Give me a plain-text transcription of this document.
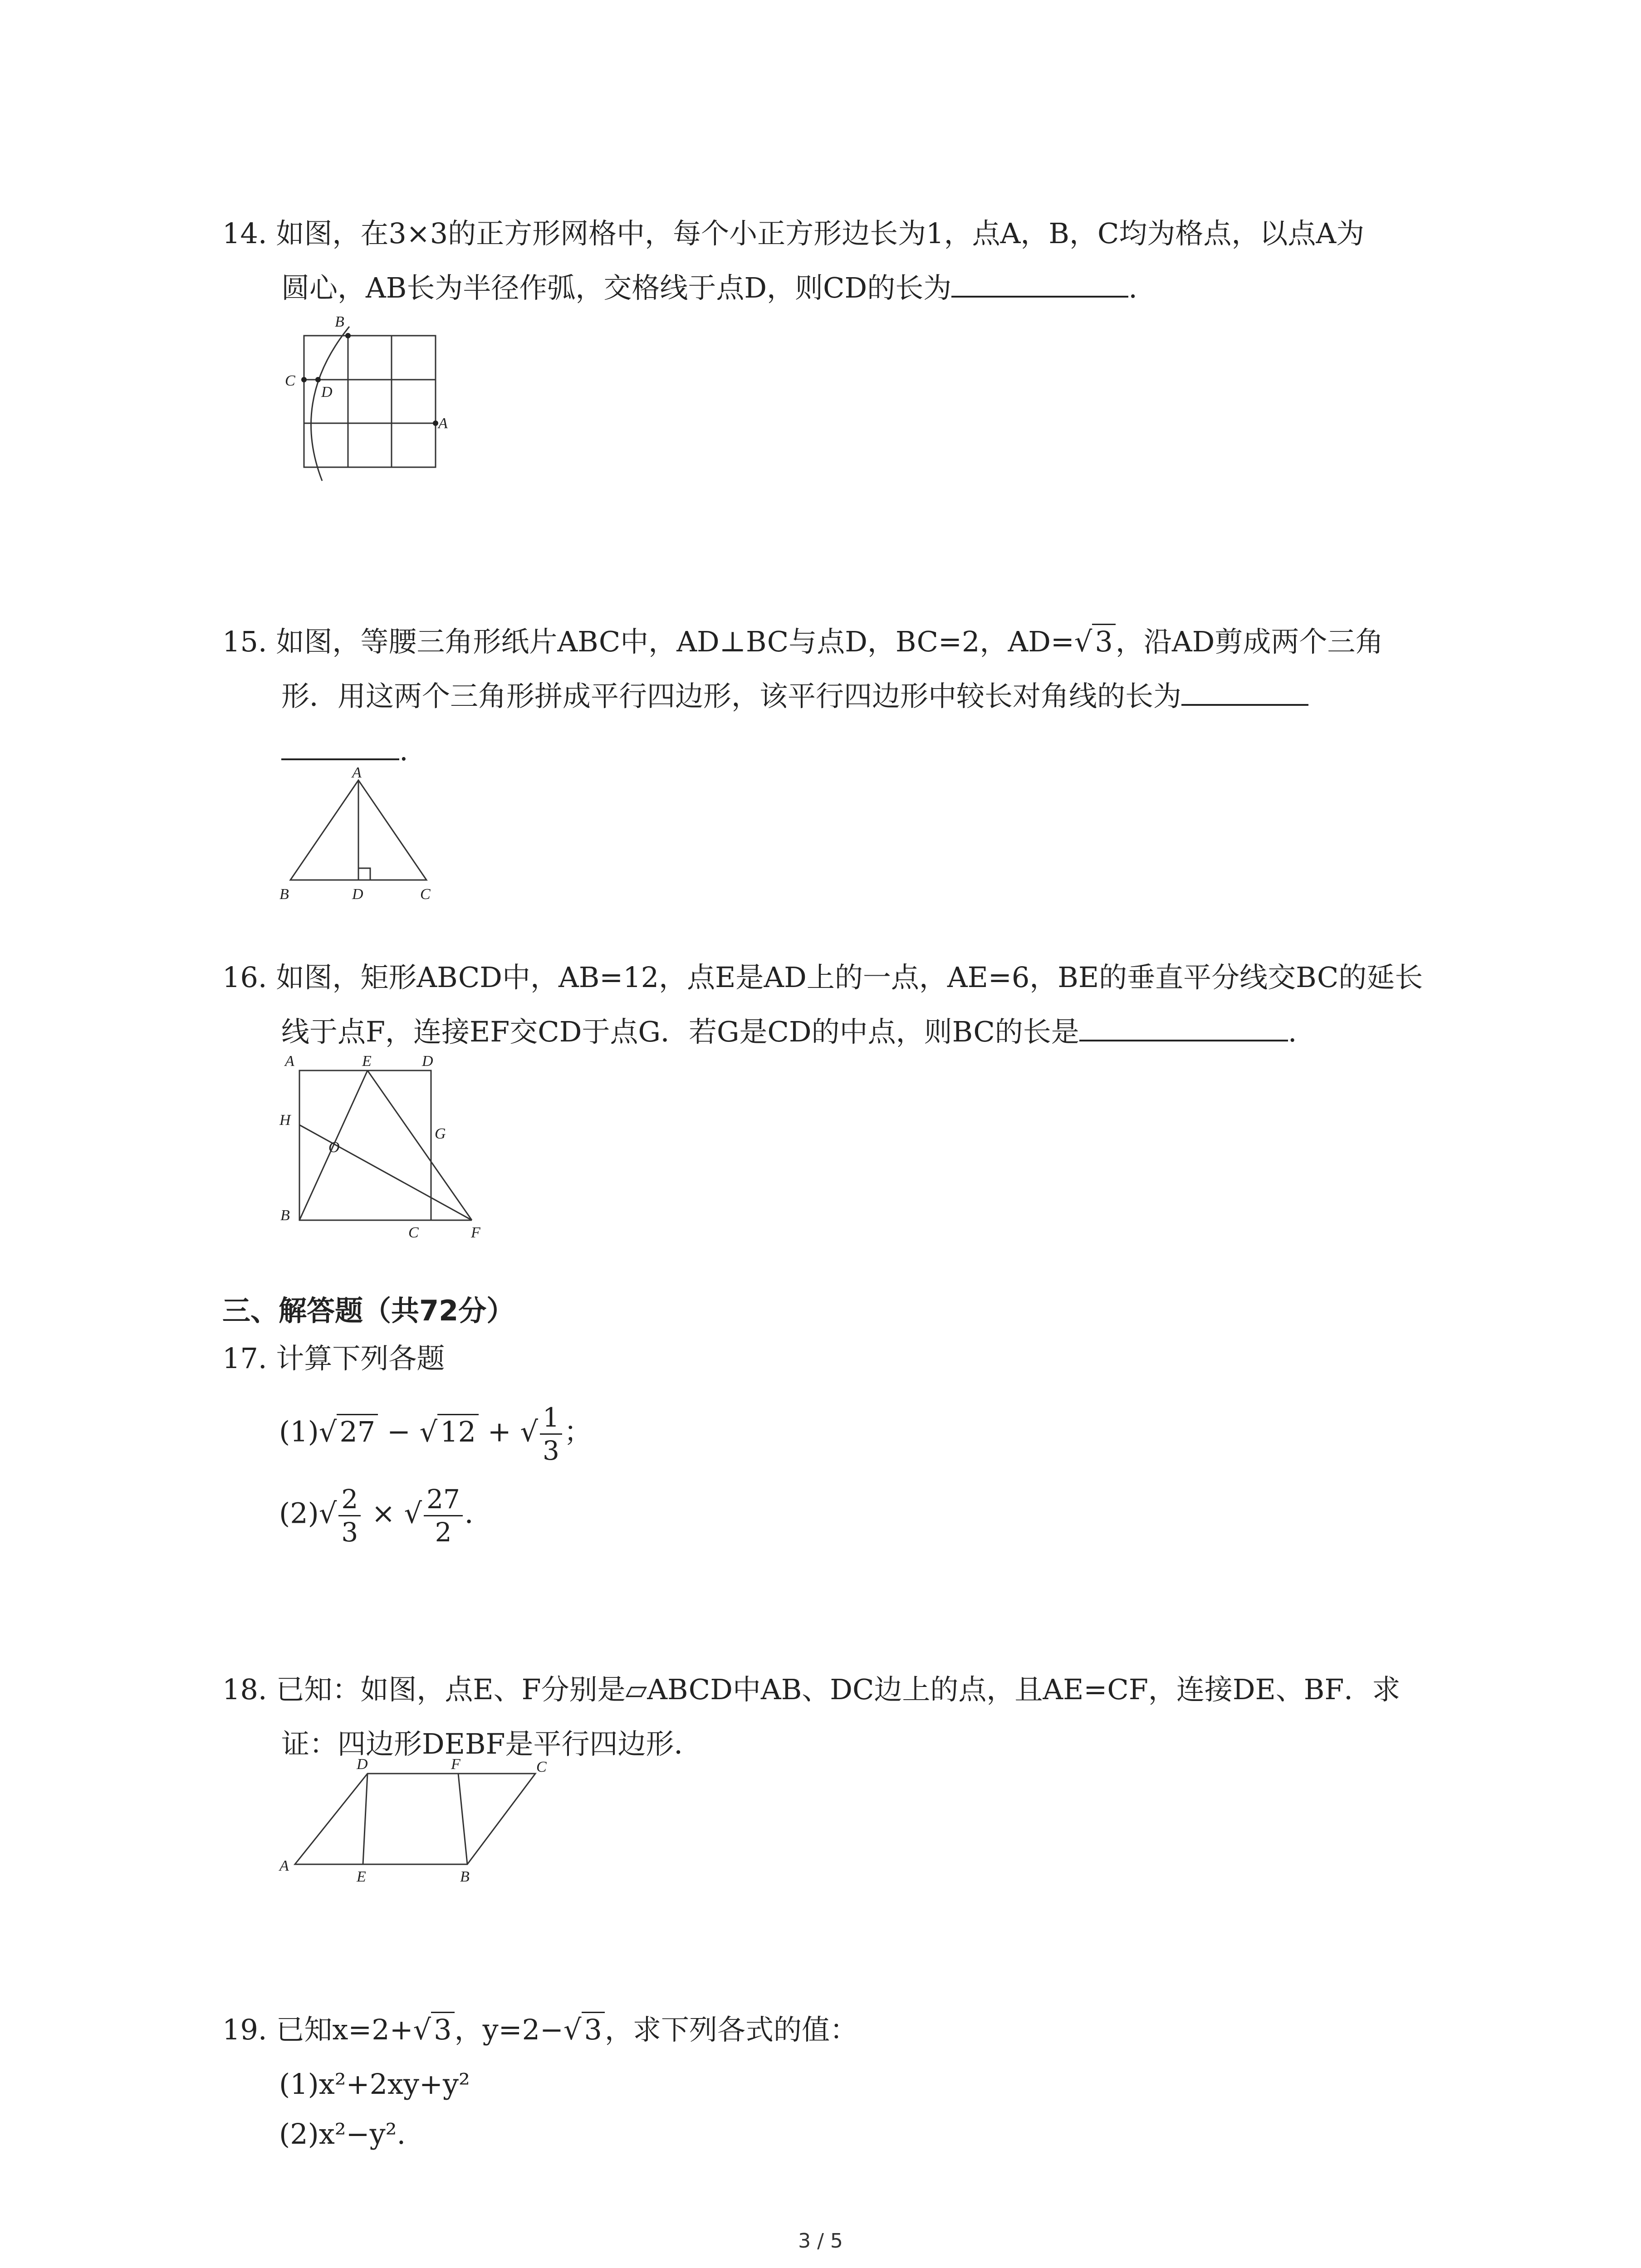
14. 如图，在3×3的正方形网格中，每个小正方形边长为1，点A，B，C均为格点，以点A为
圆心，AB长为半径作弧，交格线于点D，则CD的长为	.
B
C
D
A
15. 如图，等腰三角形纸片ABC中，AD⊥BC与点D，BC=2，AD=√3，沿AD剪成两个三角
形．用这两个三角形拼成平行四边形，该平行四边形中较长对角线的长为
.
A
B	D	C
16. 如图，矩形ABCD中，AB=12，点E是AD上的一点，AE=6，BE的垂直平分线交BC的延长
线于点F，连接EF交CD于点G．若G是CD的中点，则BC的长是	.
A	E	D
H
O
G
B
C	F
三、解答题（共72分）
17. 计算下列各题
(1)√27 − √12 + √ $\frac{1}{3}$ ；
$(2)√ \frac{2}{3}$ × √ $\frac{27}{2}$ ．
18. 已知：如图，点E、F分别是▱ABCD中AB、DC边上的点，且AE=CF，连接DE、BF．求
证：四边形DEBF是平行四边形．
D	F	C
A
E	B
19. 已知x=2+√3，y=2−√3，求下列各式的值：
(1)x²+2xy+y²
(2)x²−y².
3 / 5
